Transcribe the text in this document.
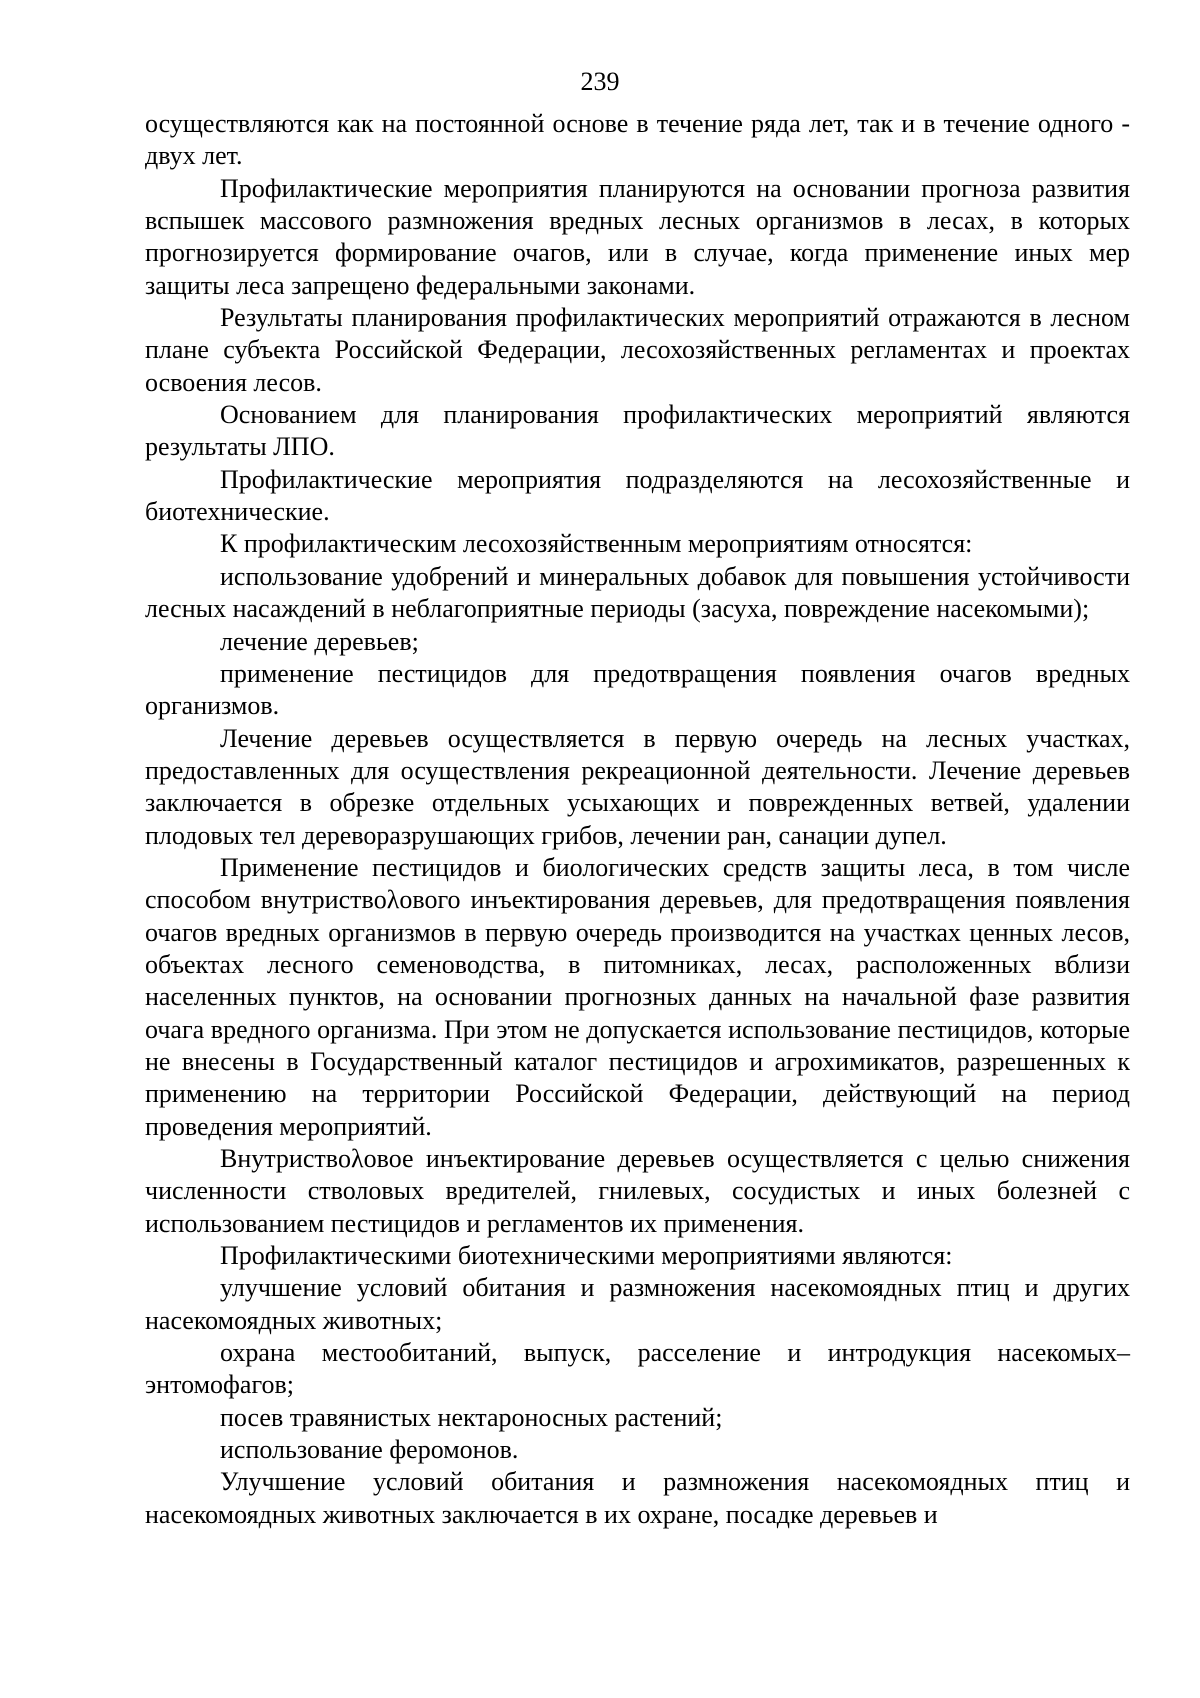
239

осуществляются как на постоянной основе в течение ряда лет, так и в течение одного - двух лет.

Профилактические мероприятия планируются на основании прогноза развития вспышек массового размножения вредных лесных организмов в лесах, в которых прогнозируется формирование очагов, или в случае, когда применение иных мер защиты леса запрещено федеральными законами.

Результаты планирования профилактических мероприятий отражаются в лесном плане субъекта Российской Федерации, лесохозяйственных регламентах и проектах освоения лесов.

Основанием для планирования профилактических мероприятий являются результаты ЛПО.

Профилактические мероприятия подразделяются на лесохозяйственные и биотехнические.

К профилактическим лесохозяйственным мероприятиям относятся:

использование удобрений и минеральных добавок для повышения устойчивости лесных насаждений в неблагоприятные периоды (засуха, повреждение насекомыми);

лечение деревьев;

применение пестицидов для предотвращения появления очагов вредных организмов.

Лечение деревьев осуществляется в первую очередь на лесных участках, предоставленных для осуществления рекреационной деятельности. Лечение деревьев заключается в обрезке отдельных усыхающих и поврежденных ветвей, удалении плодовых тел дереворазрушающих грибов, лечении ран, санации дупел.

Применение пестицидов и биологических средств защиты леса, в том числе способом внутриствολового инъектирования деревьев, для предотвращения появления очагов вредных организмов в первую очередь производится на участках ценных лесов, объектах лесного семеноводства, в питомниках, лесах, расположенных вблизи населенных пунктов, на основании прогнозных данных на начальной фазе развития очага вредного организма. При этом не допускается использование пестицидов, которые не внесены в Государственный каталог пестицидов и агрохимикатов, разрешенных к применению на территории Российской Федерации, действующий на период проведения мероприятий.

Внутриствολовое инъектирование деревьев осуществляется с целью снижения численности стволовых вредителей, гнилевых, сосудистых и иных болезней с использованием пестицидов и регламентов их применения.

Профилактическими биотехническими мероприятиями являются:

улучшение условий обитания и размножения насекомоядных птиц и других насекомоядных животных;

охрана местообитаний, выпуск, расселение и интродукция насекомых–энтомофагов;

посев травянистых нектароносных растений;

использование феромонов.

Улучшение условий обитания и размножения насекомоядных птиц и насекомоядных животных заключается в их охране, посадке деревьев и
